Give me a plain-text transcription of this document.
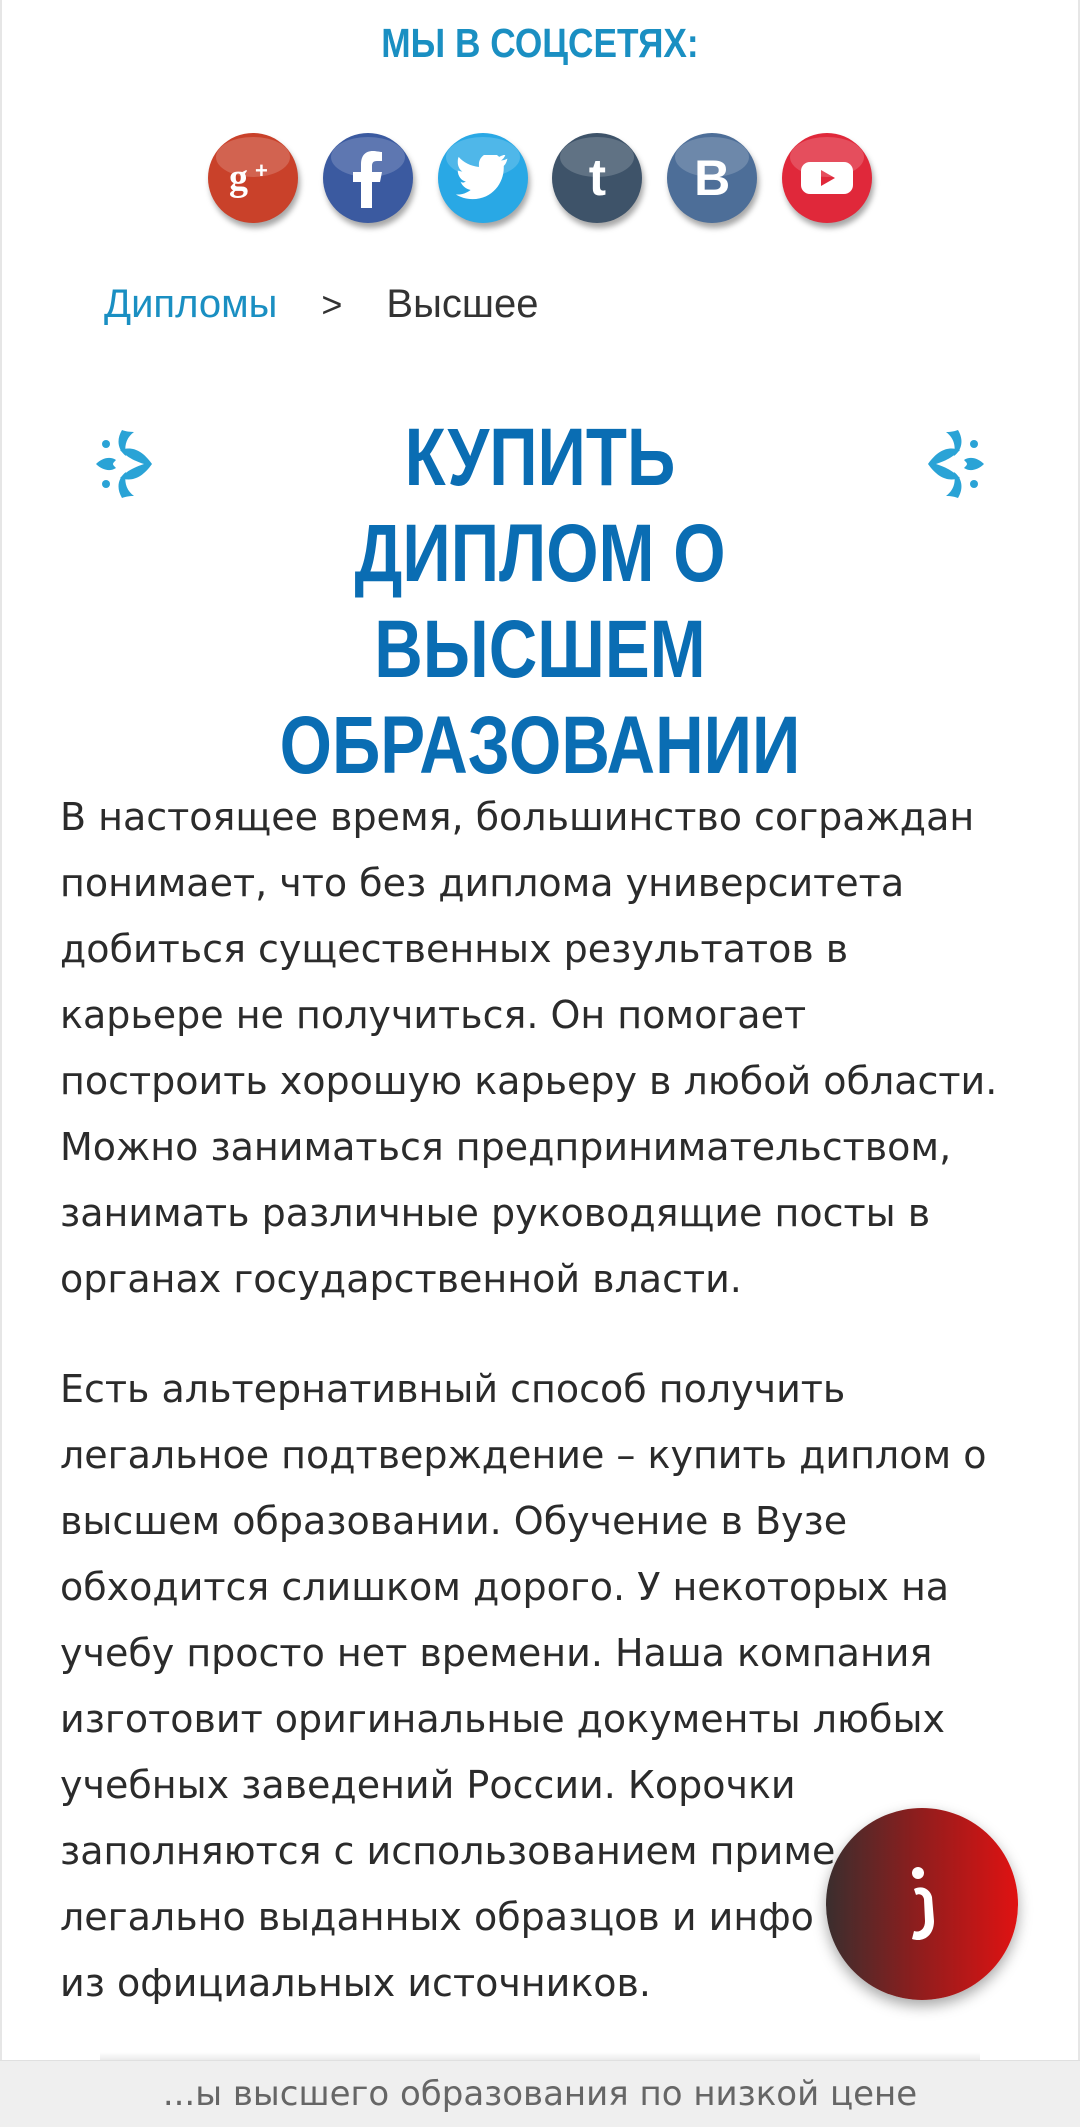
МЫ В СОЦСЕТЯХ:
g +	t B
Дипломы > Высшее
КУПИТЬ ДИПЛОМ О
ВЫСШЕМ
ОБРАЗОВАНИИ
В настоящее время, большинство сограждан
понимает, что без диплома университета
добиться существенных результатов в
карьере не получиться. Он помогает
построить хорошую карьеру в любой области.
Можно заниматься предпринимательством,
занимать различные руководящие посты в
органах государственной власти.
Есть альтернативный способ получить
легальное подтверждение – купить диплом о
высшем образовании. Обучение в Вузе
обходится слишком дорого. У некоторых на
учебу просто нет времени. Наша компания
изготовит оригинальные документы любых
учебных заведений России. Корочки
заполняются с использованием приме
легально выданных образцов и инфо
из официальных источников.
...ы высшего образования по низкой цене
